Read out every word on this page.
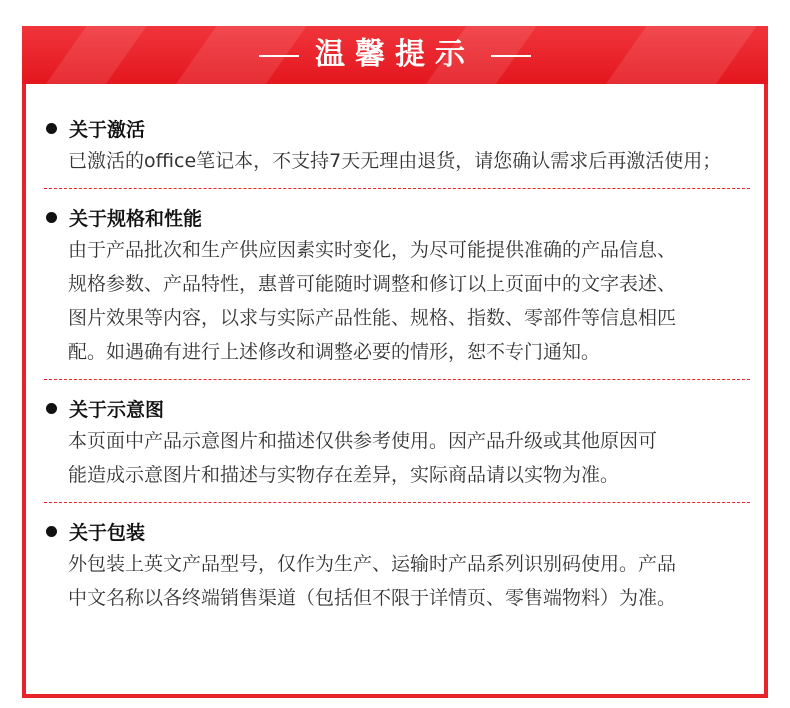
温馨提示
关于激活
已激活的office笔记本，不支持7天无理由退货，请您确认需求后再激活使用；
关于规格和性能
由于产品批次和生产供应因素实时变化，为尽可能提供准确的产品信息、
规格参数、产品特性，惠普可能随时调整和修订以上页面中的文字表述、
图片效果等内容，以求与实际产品性能、规格、指数、零部件等信息相匹
配。如遇确有进行上述修改和调整必要的情形，恕不专门通知。
关于示意图
本页面中产品示意图片和描述仅供参考使用。因产品升级或其他原因可
能造成示意图片和描述与实物存在差异，实际商品请以实物为准。
关于包装
外包装上英文产品型号，仅作为生产、运输时产品系列识别码使用。产品
中文名称以各终端销售渠道（包括但不限于详情页、零售端物料）为准。
